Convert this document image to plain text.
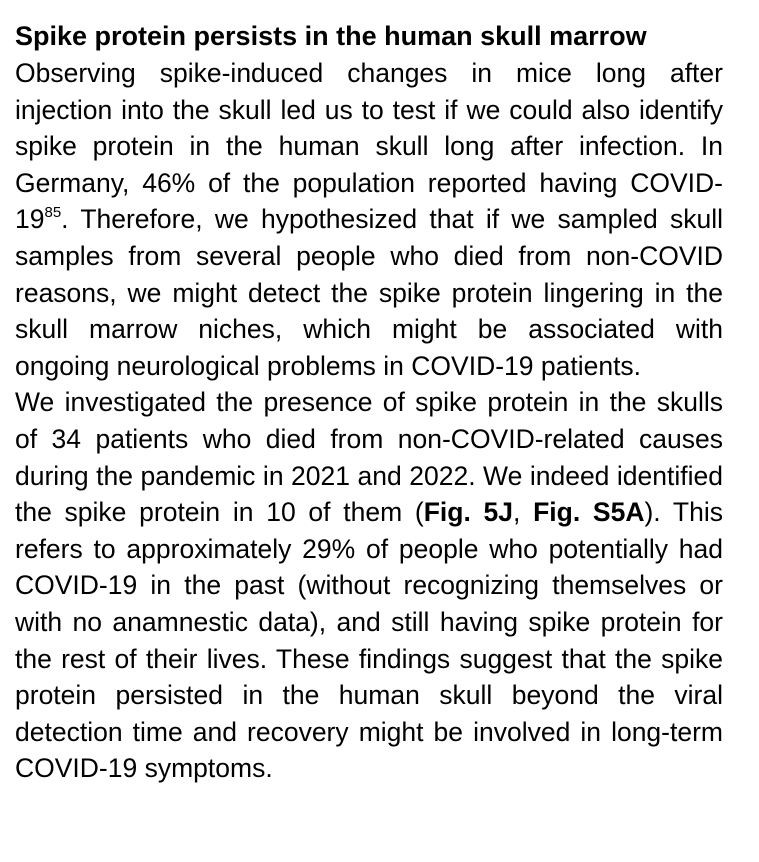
Spike protein persists in the human skull marrow

Observing spike-induced changes in mice long after injection into the skull led us to test if we could also identify spike protein in the human skull long after infection. In Germany, 46% of the population reported having COVID-$19^{85}$. Therefore, we hypothesized that if we sampled skull samples from several people who died from non-COVID reasons, we might detect the spike protein lingering in the skull marrow niches, which might be associated with ongoing neurological problems in COVID-19 patients.

We investigated the presence of spike protein in the skulls of 34 patients who died from non-COVID-related causes during the pandemic in 2021 and 2022. We indeed identified the spike protein in 10 of them (Fig. 5J, Fig. S5A). This refers to approximately 29% of people who potentially had COVID-19 in the past (without recognizing themselves or with no anamnestic data), and still having spike protein for the rest of their lives. These findings suggest that the spike protein persisted in the human skull beyond the viral detection time and recovery might be involved in long-term COVID-19 symptoms.
